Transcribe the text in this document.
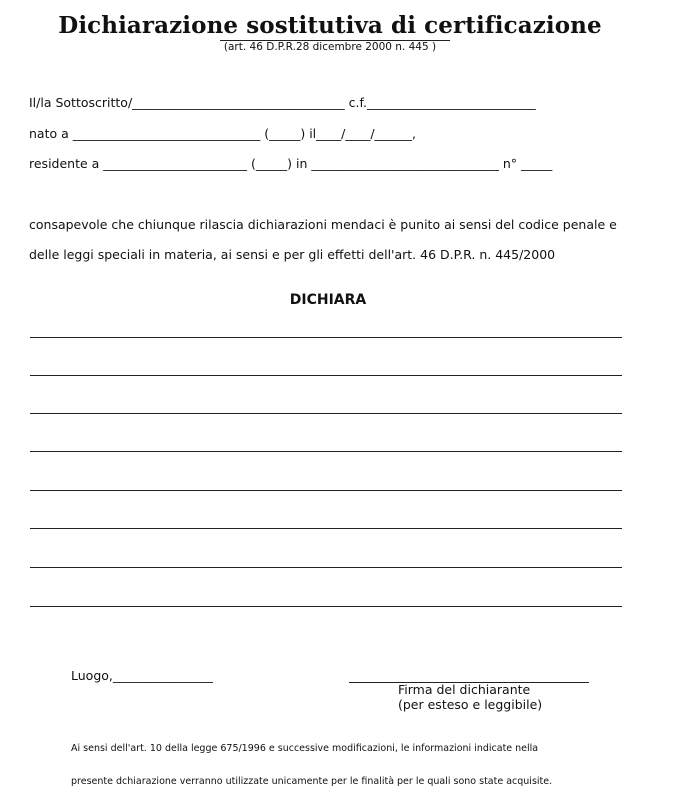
Dichiarazione sostitutiva di certificazione
(art. 46 D.P.R.28 dicembre 2000 n. 445 )
Il/la Sottoscritto/__________________________________ c.f.___________________________
nato a ______________________________ (_____) il____/____/______,
residente a _______________________ (_____) in ______________________________ n° _____
consapevole che chiunque rilascia dichiarazioni mendaci è punito ai sensi del codice penale e
delle leggi speciali in materia, ai sensi e per gli effetti dell'art. 46 D.P.R. n. 445/2000
DICHIARA
Luogo,________________
Firma del dichiarante
(per esteso e leggibile)

Ai sensi dell'art. 10 della legge 675/1996 e successive modificazioni, le informazioni indicate nella

presente dchiarazione verranno utilizzate unicamente per le finalità per le quali sono state acquisite.
